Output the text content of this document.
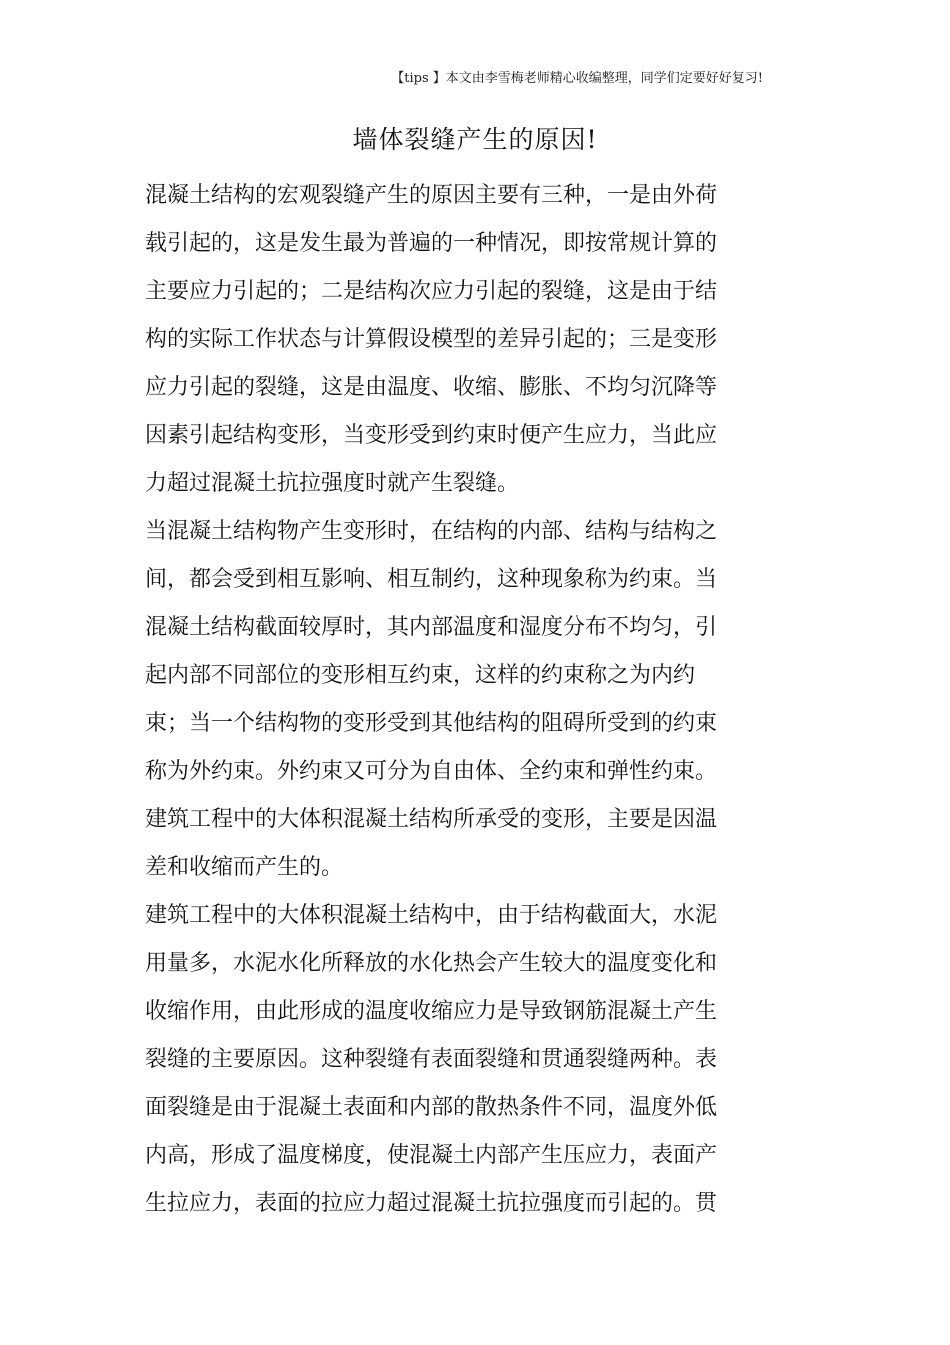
【tips 】本文由李雪梅老师精心收编整理，同学们定要好好复习!
墙体裂缝产生的原因!
混凝土结构的宏观裂缝产生的原因主要有三种，一是由外荷
载引起的，这是发生最为普遍的一种情况，即按常规计算的
主要应力引起的；二是结构次应力引起的裂缝，这是由于结
构的实际工作状态与计算假设模型的差异引起的；三是变形
应力引起的裂缝，这是由温度、收缩、膨胀、不均匀沉降等
因素引起结构变形，当变形受到约束时便产生应力，当此应
力超过混凝土抗拉强度时就产生裂缝。
当混凝土结构物产生变形时，在结构的内部、结构与结构之
间，都会受到相互影响、相互制约，这种现象称为约束。当
混凝土结构截面较厚时，其内部温度和湿度分布不均匀，引
起内部不同部位的变形相互约束，这样的约束称之为内约
束；当一个结构物的变形受到其他结构的阻碍所受到的约束
称为外约束。外约束又可分为自由体、全约束和弹性约束。
建筑工程中的大体积混凝土结构所承受的变形，主要是因温
差和收缩而产生的。
建筑工程中的大体积混凝土结构中，由于结构截面大，水泥
用量多，水泥水化所释放的水化热会产生较大的温度变化和
收缩作用，由此形成的温度收缩应力是导致钢筋混凝土产生
裂缝的主要原因。这种裂缝有表面裂缝和贯通裂缝两种。表
面裂缝是由于混凝土表面和内部的散热条件不同，温度外低
内高，形成了温度梯度，使混凝土内部产生压应力，表面产
生拉应力，表面的拉应力超过混凝土抗拉强度而引起的。贯
